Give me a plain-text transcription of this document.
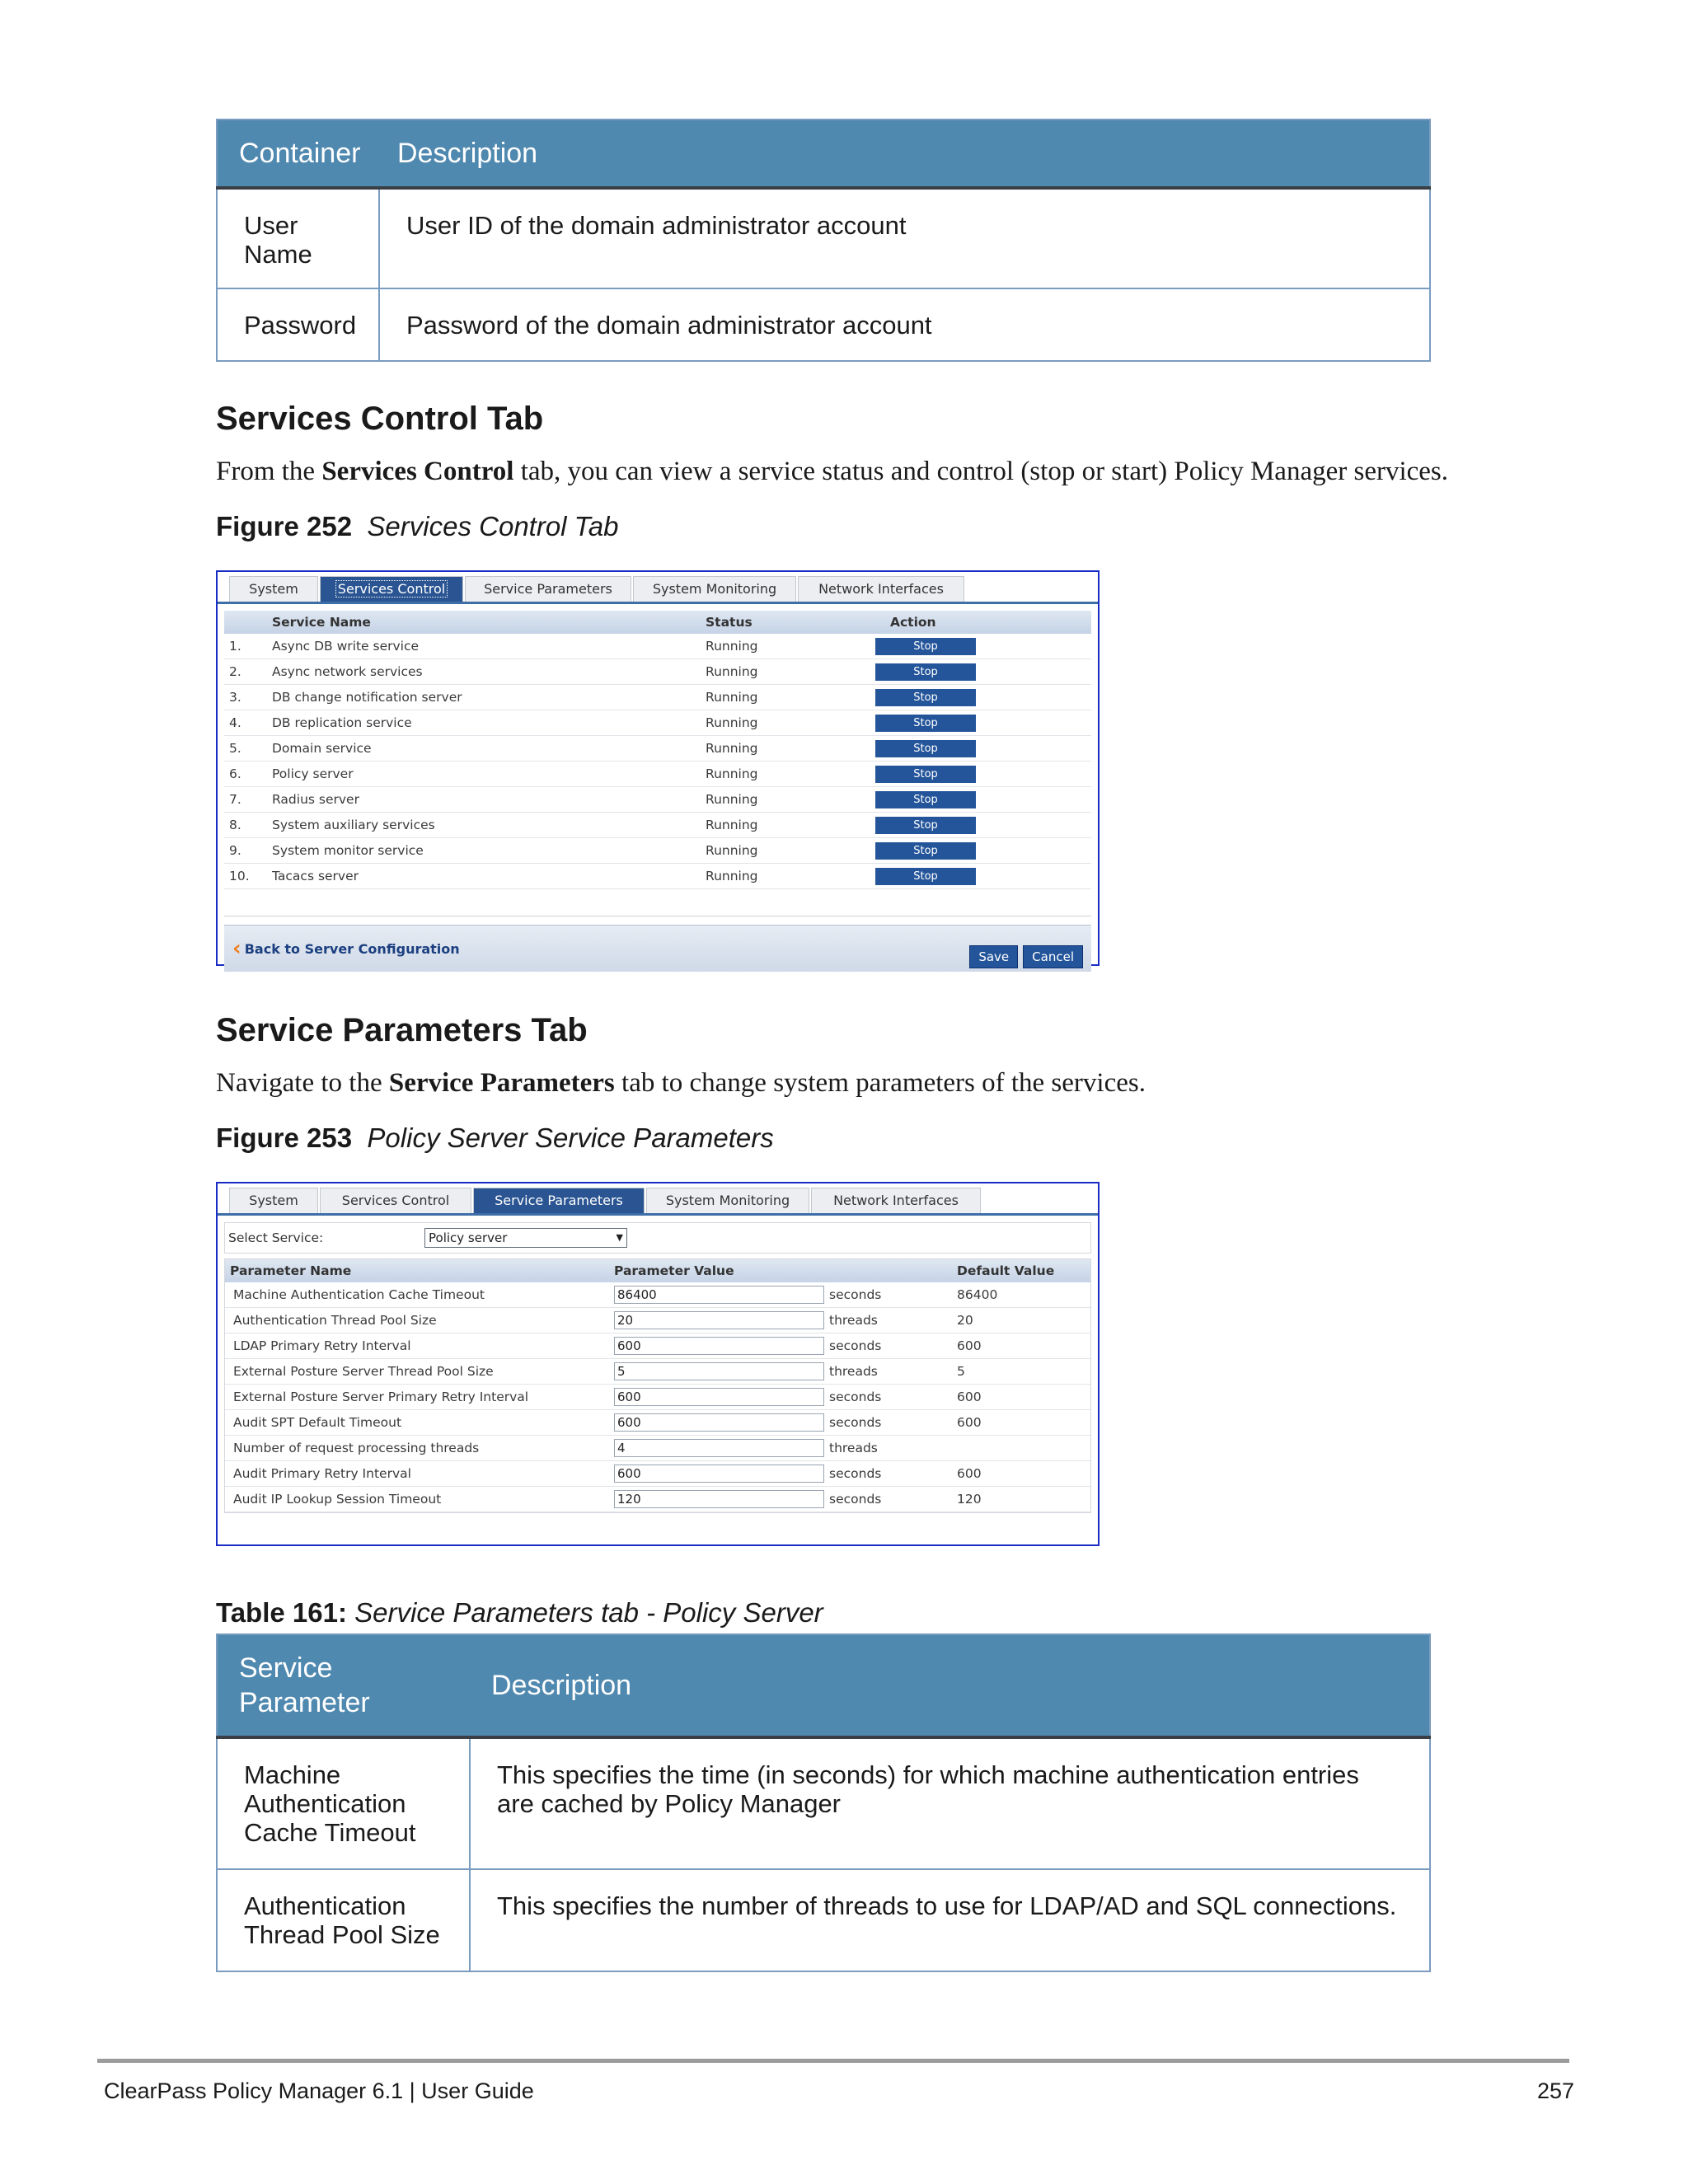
Container	Description
User Name	User ID of the domain administrator account
Password	Password of the domain administrator account
Services Control Tab

From the Services Control tab, you can view a service status and control (stop or start) Policy Manager services.

Figure 252 Services Control Tab

System	Services Control	Service Parameters	System Monitoring	Network Interfaces
	Service Name	Status	Action
1.	Async DB write service	Running	Stop
2.	Async network services	Running	Stop
3.	DB change notification server	Running	Stop
4.	DB replication service	Running	Stop
5.	Domain service	Running	Stop
6.	Policy server	Running	Stop
7.	Radius server	Running	Stop
8.	System auxiliary services	Running	Stop
9.	System monitor service	Running	Stop
10.	Tacacs server	Running	Stop
‹ Back to Server Configuration
Save	Cancel
Service Parameters Tab

Navigate to the Service Parameters tab to change system parameters of the services.

Figure 253 Policy Server Service Parameters

System	Services Control	Service Parameters	System Monitoring	Network Interfaces
Select Service:	Policy server	▼
Parameter Name	Parameter Value	Default Value
Machine Authentication Cache Timeout	86400 seconds	86400
Authentication Thread Pool Size	20 threads	20
LDAP Primary Retry Interval	600 seconds	600
External Posture Server Thread Pool Size	5 threads	5
External Posture Server Primary Retry Interval	600 seconds	600
Audit SPT Default Timeout	600 seconds	600
Number of request processing threads	4 threads	
Audit Primary Retry Interval	600 seconds	600
Audit IP Lookup Session Timeout	120 seconds	120

Table 161: Service Parameters tab - Policy Server

Service Parameter	Description
Machine Authentication Cache Timeout	This specifies the time (in seconds) for which machine authentication entries are cached by Policy Manager
Authentication Thread Pool Size	This specifies the number of threads to use for LDAP/AD and SQL connections.
ClearPass Policy Manager 6.1 | User Guide	257
